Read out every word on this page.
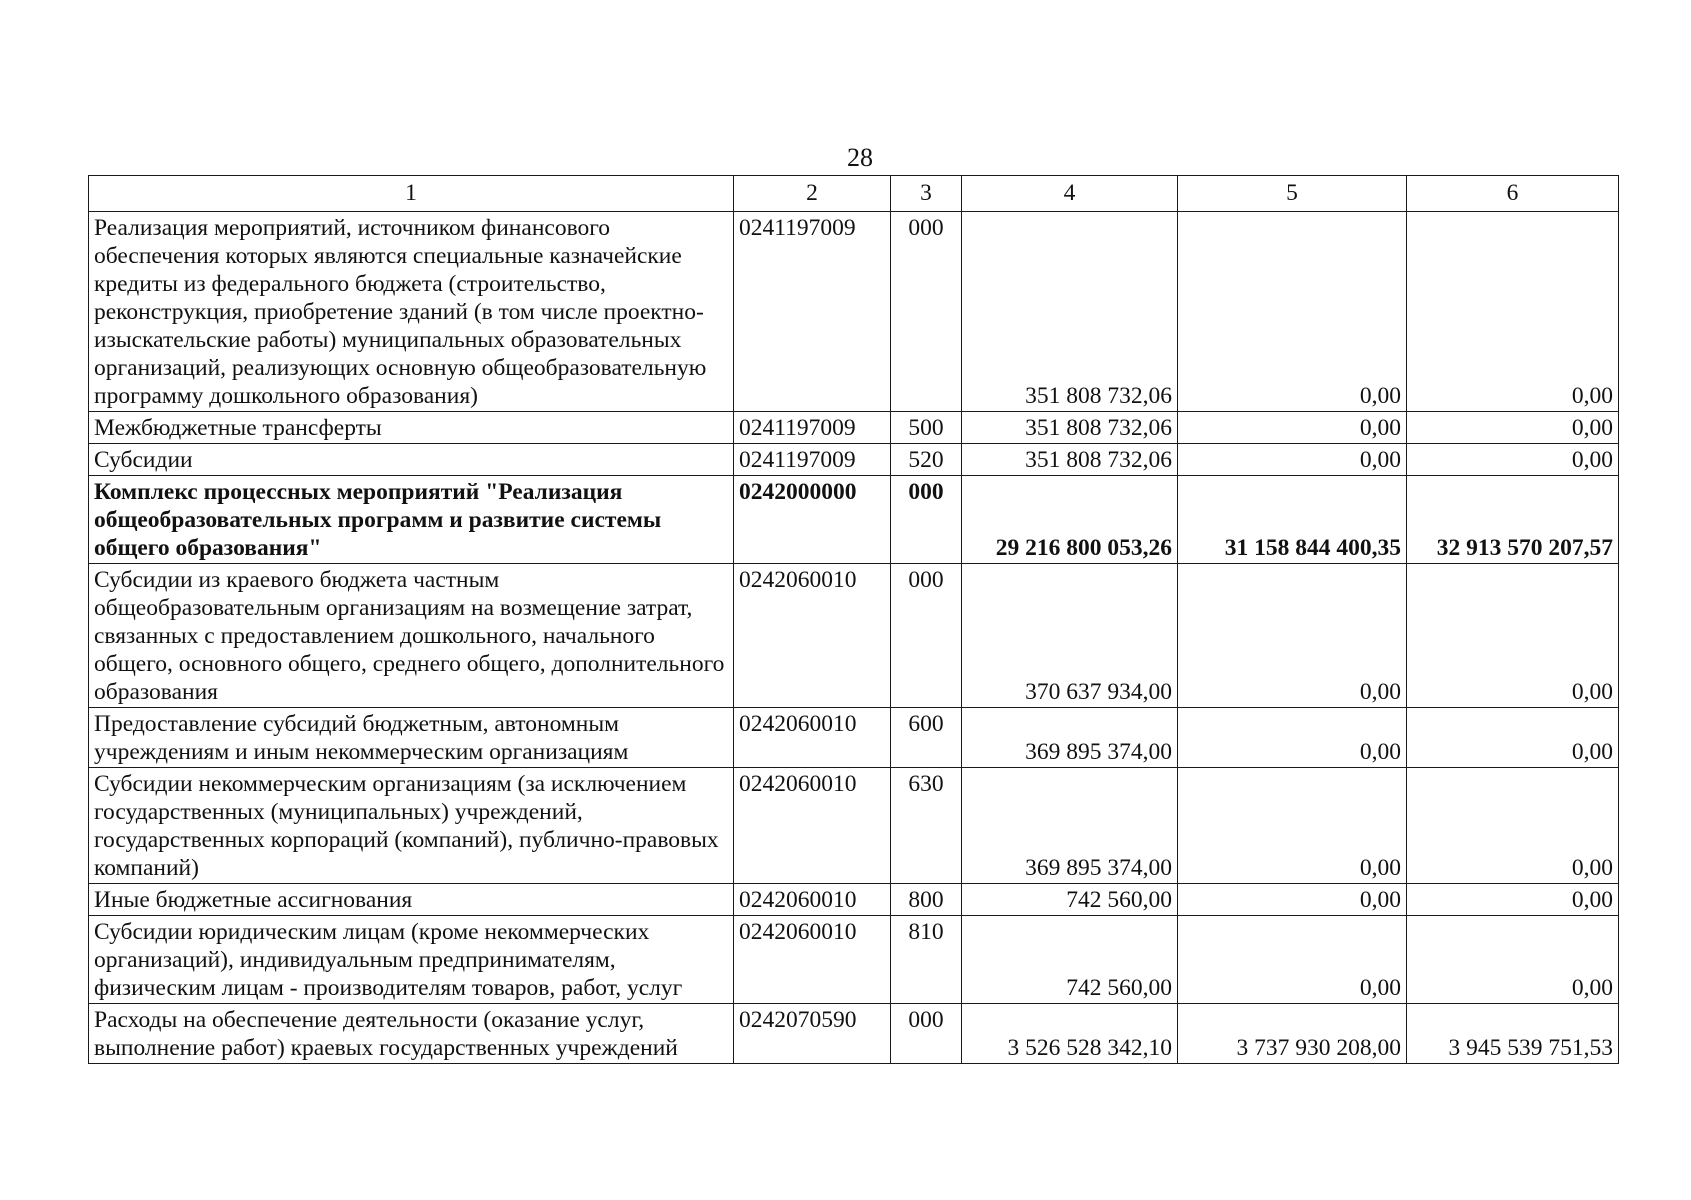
28
1	2	3	4	5	6
Реализация мероприятий, источником финансового обеспечения которых являются специальные казначейские кредиты из федерального бюджета (строительство, реконструкция, приобретение зданий (в том числе проектно-изыскательские работы) муниципальных образовательных организаций, реализующих основную общеобразовательную программу дошкольного образования)	0241197009	000	351 808 732,06	0,00	0,00
Межбюджетные трансферты	0241197009	500	351 808 732,06	0,00	0,00
Субсидии	0241197009	520	351 808 732,06	0,00	0,00
Комплекс процессных мероприятий "Реализация общеобразовательных программ и развитие системы общего образования"	0242000000	000	29 216 800 053,26	31 158 844 400,35	32 913 570 207,57
Субсидии из краевого бюджета частным общеобразовательным организациям на возмещение затрат, связанных с предоставлением дошкольного, начального общего, основного общего, среднего общего, дополнительного образования	0242060010	000	370 637 934,00	0,00	0,00
Предоставление субсидий бюджетным, автономным учреждениям и иным некоммерческим организациям	0242060010	600	369 895 374,00	0,00	0,00
Субсидии некоммерческим организациям (за исключением государственных (муниципальных) учреждений, государственных корпораций (компаний), публично-правовых компаний)	0242060010	630	369 895 374,00	0,00	0,00
Иные бюджетные ассигнования	0242060010	800	742 560,00	0,00	0,00
Субсидии юридическим лицам (кроме некоммерческих организаций), индивидуальным предпринимателям, физическим лицам - производителям товаров, работ, услуг	0242060010	810	742 560,00	0,00	0,00
Расходы на обеспечение деятельности (оказание услуг, выполнение работ) краевых государственных учреждений	0242070590	000	3 526 528 342,10	3 737 930 208,00	3 945 539 751,53
